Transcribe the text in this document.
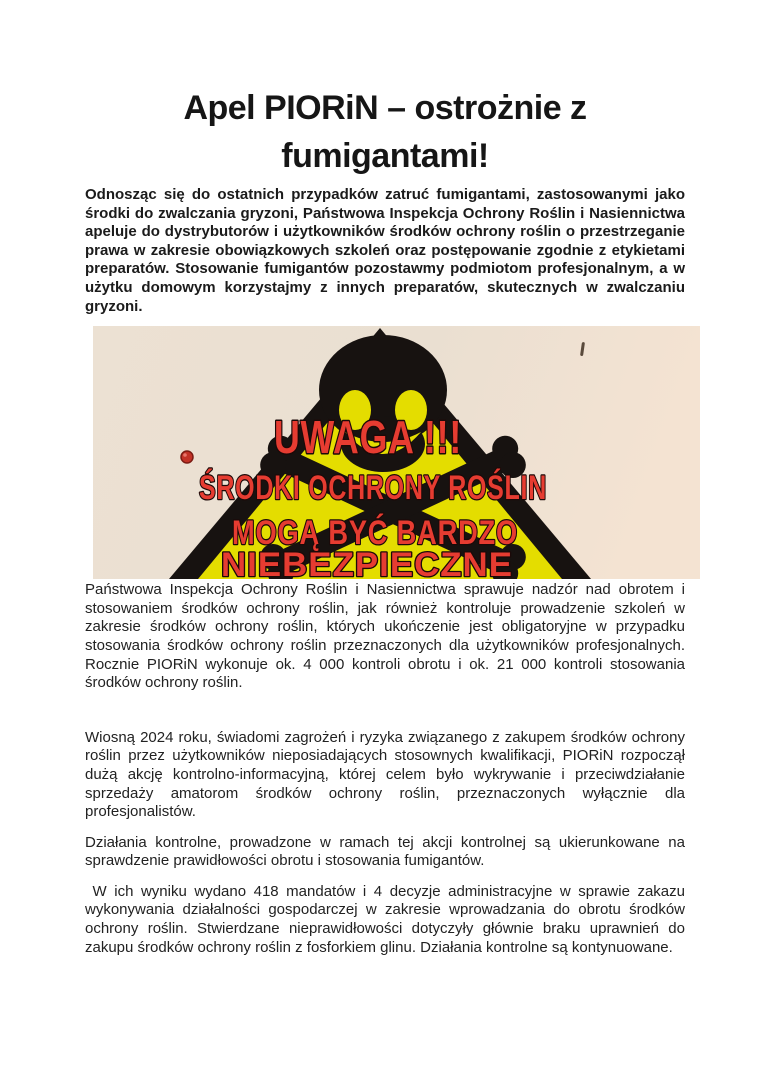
Apel PIORiN – ostrożnie z fumigantami!

Odnosząc się do ostatnich przypadków zatruć fumigantami, zastosowanymi jako środki do zwalczania gryzoni, Państwowa Inspekcja Ochrony Roślin i Nasiennictwa apeluje do dystrybutorów i użytkowników środków ochrony roślin o przestrzeganie prawa w zakresie obowiązkowych szkoleń oraz postępowanie zgodnie z etykietami preparatów. Stosowanie fumigantów pozostawmy podmiotom profesjonalnym, a w użytku domowym korzystajmy z innych preparatów, skutecznych w zwalczaniu gryzoni.

UWAGA !!!
ŚRODKI OCHRONY ROŚLIN
MOGĄ BYĆ BARDZO
NIEBEZPIECZNE

Państwowa Inspekcja Ochrony Roślin i Nasiennictwa sprawuje nadzór nad obrotem i stosowaniem środków ochrony roślin, jak również kontroluje prowadzenie szkoleń w zakresie środków ochrony roślin, których ukończenie jest obligatoryjne w przypadku stosowania środków ochrony roślin przeznaczonych dla użytkowników profesjonalnych. Rocznie PIORiN wykonuje ok. 4 000 kontroli obrotu i ok. 21 000 kontroli stosowania środków ochrony roślin.

Wiosną 2024 roku, świadomi zagrożeń i ryzyka związanego z zakupem środków ochrony roślin przez użytkowników nieposiadających stosownych kwalifikacji, PIORiN rozpoczął dużą akcję kontrolno-informacyjną, której celem było wykrywanie i przeciwdziałanie sprzedaży amatorom środków ochrony roślin, przeznaczonych wyłącznie dla profesjonalistów.

Działania kontrolne, prowadzone w ramach tej akcji kontrolnej są ukierunkowane na sprawdzenie prawidłowości obrotu i stosowania fumigantów.

W ich wyniku wydano 418 mandatów i 4 decyzje administracyjne w sprawie zakazu wykonywania działalności gospodarczej w zakresie wprowadzania do obrotu środków ochrony roślin. Stwierdzane nieprawidłowości dotyczyły głównie braku uprawnień do zakupu środków ochrony roślin z fosforkiem glinu. Działania kontrolne są kontynuowane.
